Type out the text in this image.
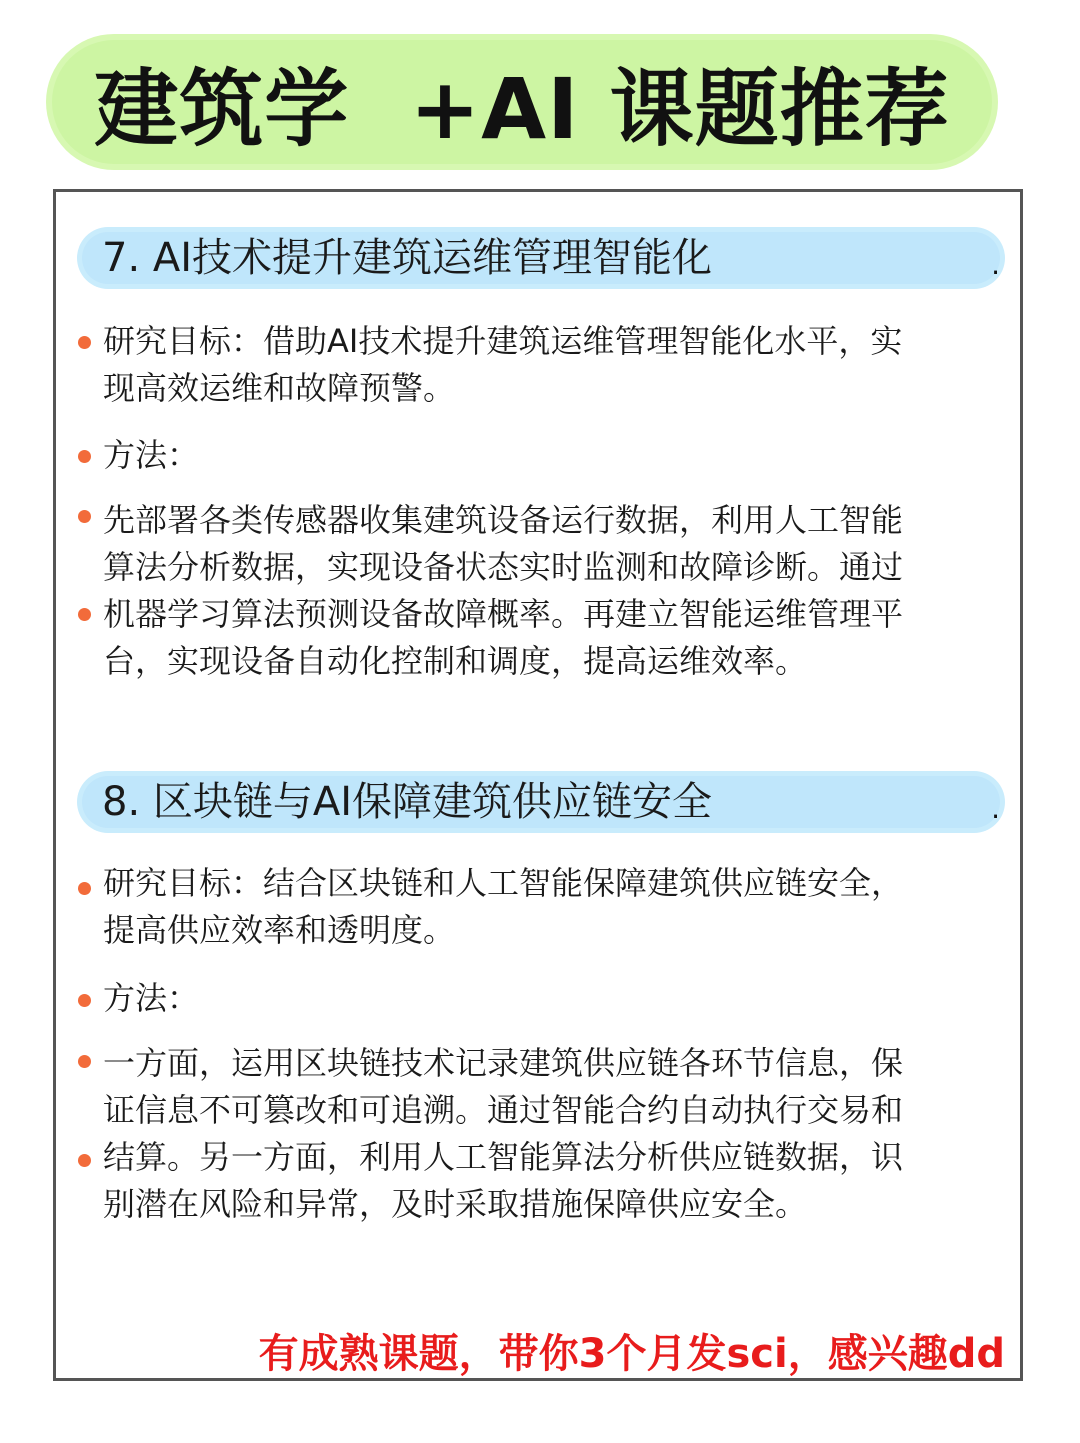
建筑学  +AI 课题推荐
7. AI技术提升建筑运维管理智能化	.
研究目标：借助AI技术提升建筑运维管理智能化水平，实
现高效运维和故障预警。
方法：
先部署各类传感器收集建筑设备运行数据，利用人工智能
算法分析数据，实现设备状态实时监测和故障诊断。通过
机器学习算法预测设备故障概率。再建立智能运维管理平
台，实现设备自动化控制和调度，提高运维效率。
8. 区块链与AI保障建筑供应链安全	.
研究目标：结合区块链和人工智能保障建筑供应链安全，
提高供应效率和透明度。
方法：
一方面，运用区块链技术记录建筑供应链各环节信息，保
证信息不可篡改和可追溯。通过智能合约自动执行交易和
结算。另一方面，利用人工智能算法分析供应链数据，识
别潜在风险和异常，及时采取措施保障供应安全。
有成熟课题，带你3个月发sci，感兴趣dd
